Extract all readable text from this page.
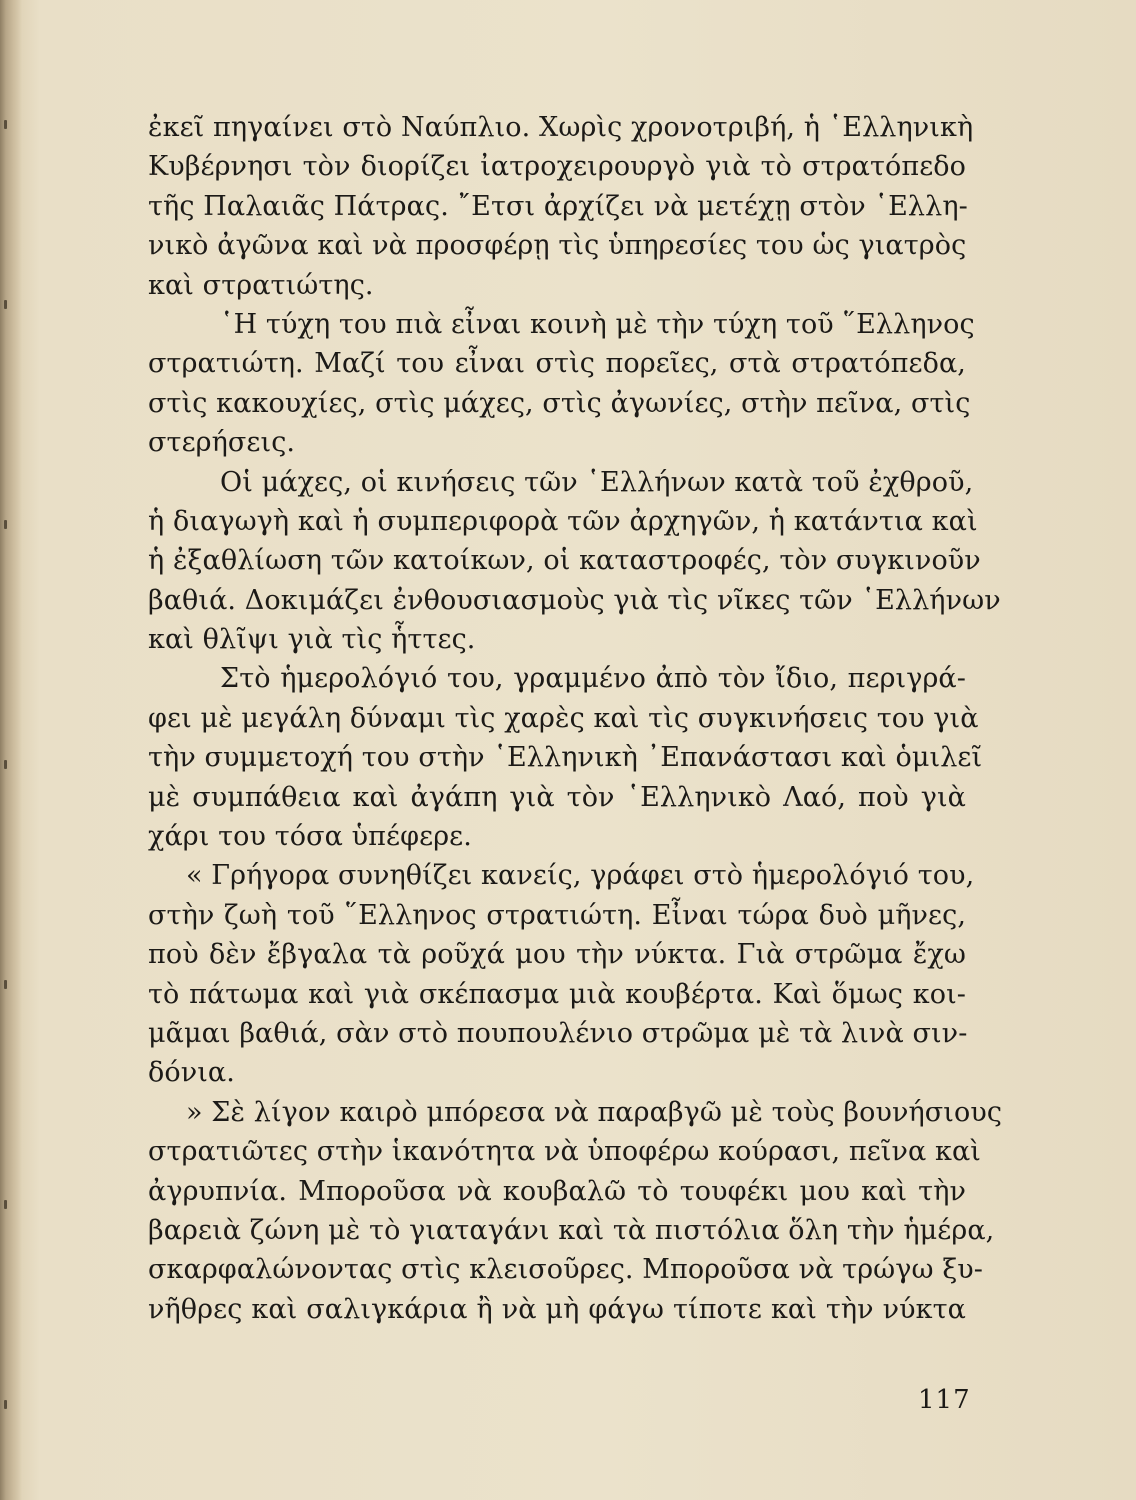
ἐκεῖ πηγαίνει στὸ Ναύπλιο. Χωρὶς χρονοτριβή, ἡ ῾Ελληνικὴ
Κυβέρνησι τὸν διορίζει ἰατροχειρουργὸ γιὰ τὸ στρατόπεδο
τῆς Παλαιᾶς Πάτρας. ῎Ετσι ἀρχίζει νὰ μετέχῃ στὸν ῾Ελλη-
νικὸ ἀγῶνα καὶ νὰ προσφέρῃ τὶς ὑπηρεσίες του ὡς γιατρὸς
καὶ στρατιώτης.
῾Η τύχη του πιὰ εἶναι κοινὴ μὲ τὴν τύχη τοῦ ῞Ελληνος
στρατιώτη. Μαζί του εἶναι στὶς πορεῖες, στὰ στρατόπεδα,
στὶς κακουχίες, στὶς μάχες, στὶς ἀγωνίες, στὴν πεῖνα, στὶς
στερήσεις.
Οἱ μάχες, οἱ κινήσεις τῶν ῾Ελλήνων κατὰ τοῦ ἐχθροῦ,
ἡ διαγωγὴ καὶ ἡ συμπεριφορὰ τῶν ἀρχηγῶν, ἡ κατάντια καὶ
ἡ ἐξαθλίωση τῶν κατοίκων, οἱ καταστροφές, τὸν συγκινοῦν
βαθιά. Δοκιμάζει ἐνθουσιασμοὺς γιὰ τὶς νῖκες τῶν ῾Ελλήνων
καὶ θλῖψι γιὰ τὶς ἧττες.
Στὸ ἡμερολόγιό του, γραμμένο ἀπὸ τὸν ἴδιο, περιγρά-
φει μὲ μεγάλη δύναμι τὶς χαρὲς καὶ τὶς συγκινήσεις του γιὰ
τὴν συμμετοχή του στὴν ῾Ελληνικὴ ᾿Επανάστασι καὶ ὁμιλεῖ
μὲ συμπάθεια καὶ ἀγάπη γιὰ τὸν ῾Ελληνικὸ Λαό, ποὺ γιὰ
χάρι του τόσα ὑπέφερε.
« Γρήγορα συνηθίζει κανείς, γράφει στὸ ἡμερολόγιό του,
στὴν ζωὴ τοῦ ῞Ελληνος στρατιώτη. Εἶναι τώρα δυὸ μῆνες,
ποὺ δὲν ἔβγαλα τὰ ροῦχά μου τὴν νύκτα. Γιὰ στρῶμα ἔχω
τὸ πάτωμα καὶ γιὰ σκέπασμα μιὰ κουβέρτα. Καὶ ὅμως κοι-
μᾶμαι βαθιά, σὰν στὸ πουπουλένιο στρῶμα μὲ τὰ λινὰ σιν-
δόνια.
» Σὲ λίγον καιρὸ μπόρεσα νὰ παραβγῶ μὲ τοὺς βουνήσιους
στρατιῶτες στὴν ἱκανότητα νὰ ὑποφέρω κούρασι, πεῖνα καὶ
ἀγρυπνία. Μποροῦσα νὰ κουβαλῶ τὸ τουφέκι μου καὶ τὴν
βαρειὰ ζώνη μὲ τὸ γιαταγάνι καὶ τὰ πιστόλια ὅλη τὴν ἡμέρα,
σκαρφαλώνοντας στὶς κλεισοῦρες. Μποροῦσα νὰ τρώγω ξυ-
νῆθρες καὶ σαλιγκάρια ἢ νὰ μὴ φάγω τίποτε καὶ τὴν νύκτα
117
